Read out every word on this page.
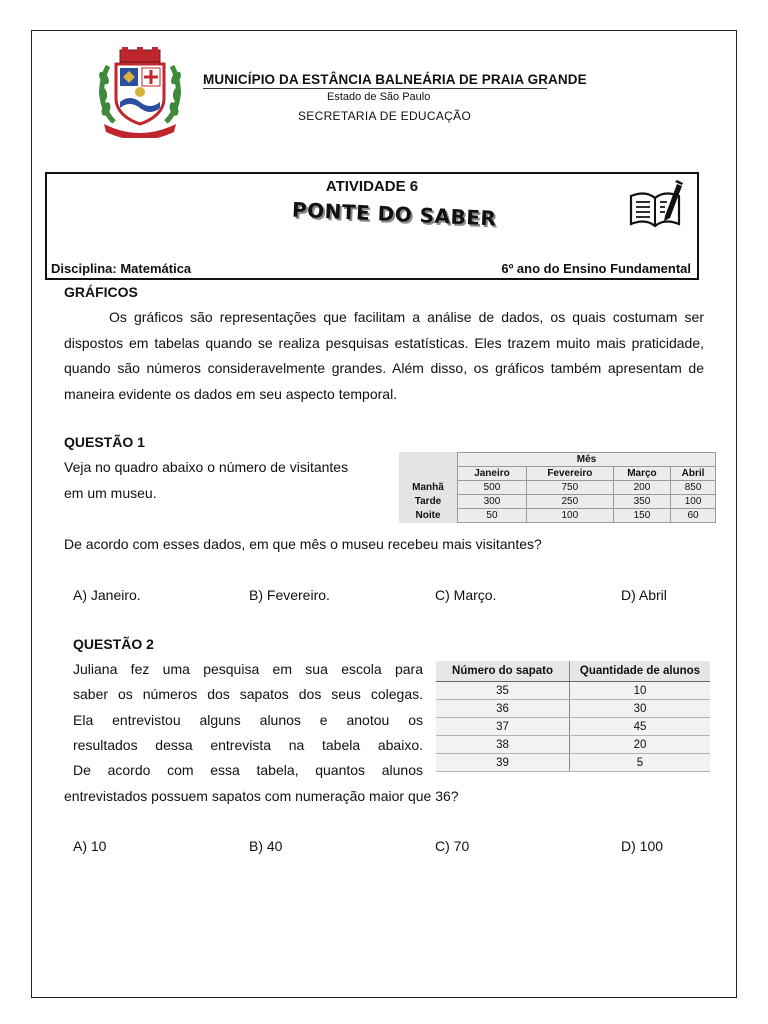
MUNICÍPIO DA ESTÂNCIA BALNEÁRIA DE PRAIA GRANDE
Estado de São Paulo
SECRETARIA DE EDUCAÇÃO
ATIVIDADE 6
PONTE DO SABER
Disciplina: Matemática	6º ano do Ensino Fundamental
GRÁFICOS
Os gráficos são representações que facilitam a análise de dados, os quais costumam ser dispostos em tabelas quando se realiza pesquisas estatísticas. Eles trazem muito mais praticidade, quando são números consideravelmente grandes. Além disso, os gráficos também apresentam de maneira evidente os dados em seu aspecto temporal.
QUESTÃO 1
Veja no quadro abaixo o número de visitantes
em um museu.
	Mês			
	Janeiro	Fevereiro	Março	Abril
Manhã	500	750	200	850
Tarde	300	250	350	100
Noite	50	100	150	60
De acordo com esses dados, em que mês o museu recebeu mais visitantes?
A) Janeiro.	B) Fevereiro.	C) Março.	D) Abril
QUESTÃO 2
Juliana fez uma pesquisa em sua escola para
saber os números dos sapatos dos seus colegas.
Ela entrevistou alguns alunos e anotou os
resultados dessa entrevista na tabela abaixo.
De acordo com essa tabela, quantos alunos
entrevistados possuem sapatos com numeração maior que 36?
Número do sapato	Quantidade de alunos
35	10
36	30
37	45
38	20
39	5
A) 10	B) 40	C) 70	D) 100
